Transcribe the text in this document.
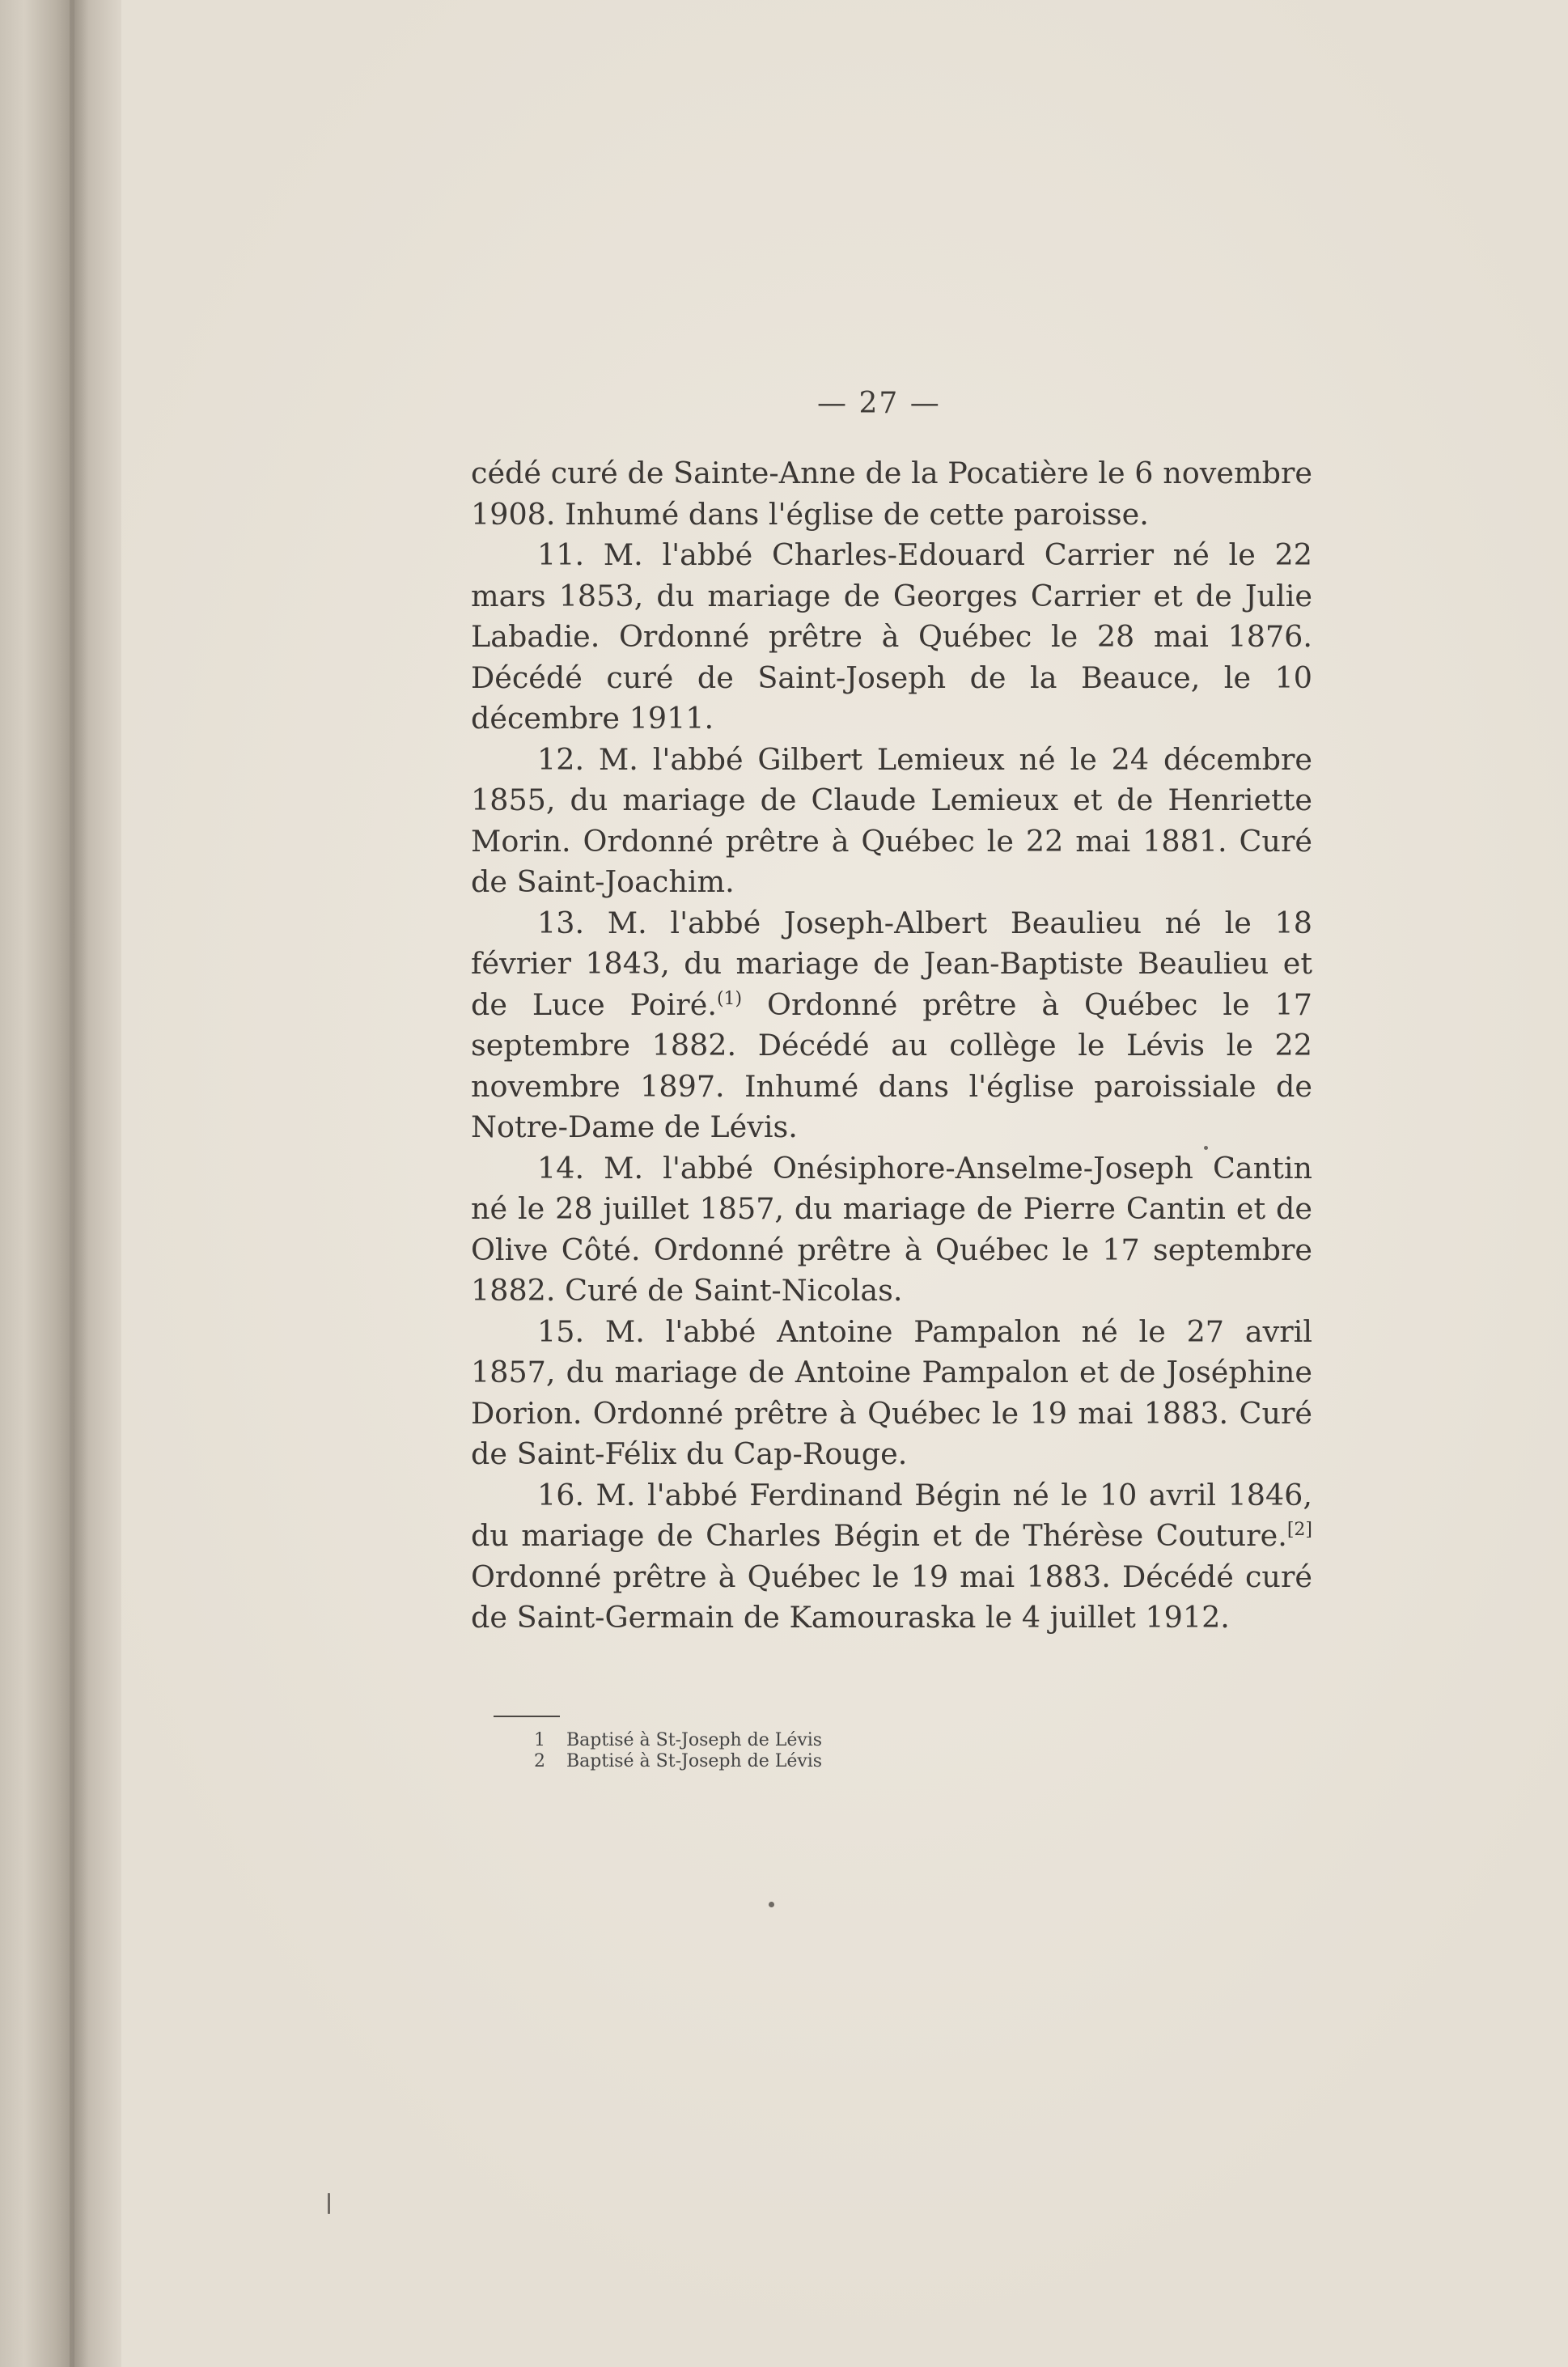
— 27 —

cédé curé de Sainte-Anne de la Pocatière le 6 novembre 1908. Inhumé dans l'église de cette paroisse.

11. M. l'abbé Charles-Edouard Carrier né le 22 mars 1853, du mariage de Georges Carrier et de Julie Labadie. Ordonné prêtre à Québec le 28 mai 1876. Décédé curé de Saint-Joseph de la Beauce, le 10 décembre 1911.

12. M. l'abbé Gilbert Lemieux né le 24 décembre 1855, du mariage de Claude Lemieux et de Henriette Morin. Ordonné prêtre à Québec le 22 mai 1881. Curé de Saint-Joachim.

13. M. l'abbé Joseph-Albert Beaulieu né le 18 février 1843, du mariage de Jean-Baptiste Beaulieu et de Luce Poiré.$^{(1)}$ Ordonné prêtre à Québec le 17 septembre 1882. Décédé au collège le Lévis le 22 novembre 1897. Inhumé dans l'église paroissiale de Notre-Dame de Lévis.

14. M. l'abbé Onésiphore-Anselme-Joseph Cantin né le 28 juillet 1857, du mariage de Pierre Cantin et de Olive Côté. Ordonné prêtre à Québec le 17 septembre 1882. Curé de Saint-Nicolas.

15. M. l'abbé Antoine Pampalon né le 27 avril 1857, du mariage de Antoine Pampalon et de Joséphine Dorion. Ordonné prêtre à Québec le 19 mai 1883. Curé de Saint-Félix du Cap-Rouge.

16. M. l'abbé Ferdinand Bégin né le 10 avril 1846, du mariage de Charles Bégin et de Thérèse Couture.[2] Ordonné prêtre à Québec le 19 mai 1883. Décédé curé de Saint-Germain de Kamouraska le 4 juillet 1912.

1 Baptisé à St-Joseph de Lévis
2 Baptisé à St-Joseph de Lévis
